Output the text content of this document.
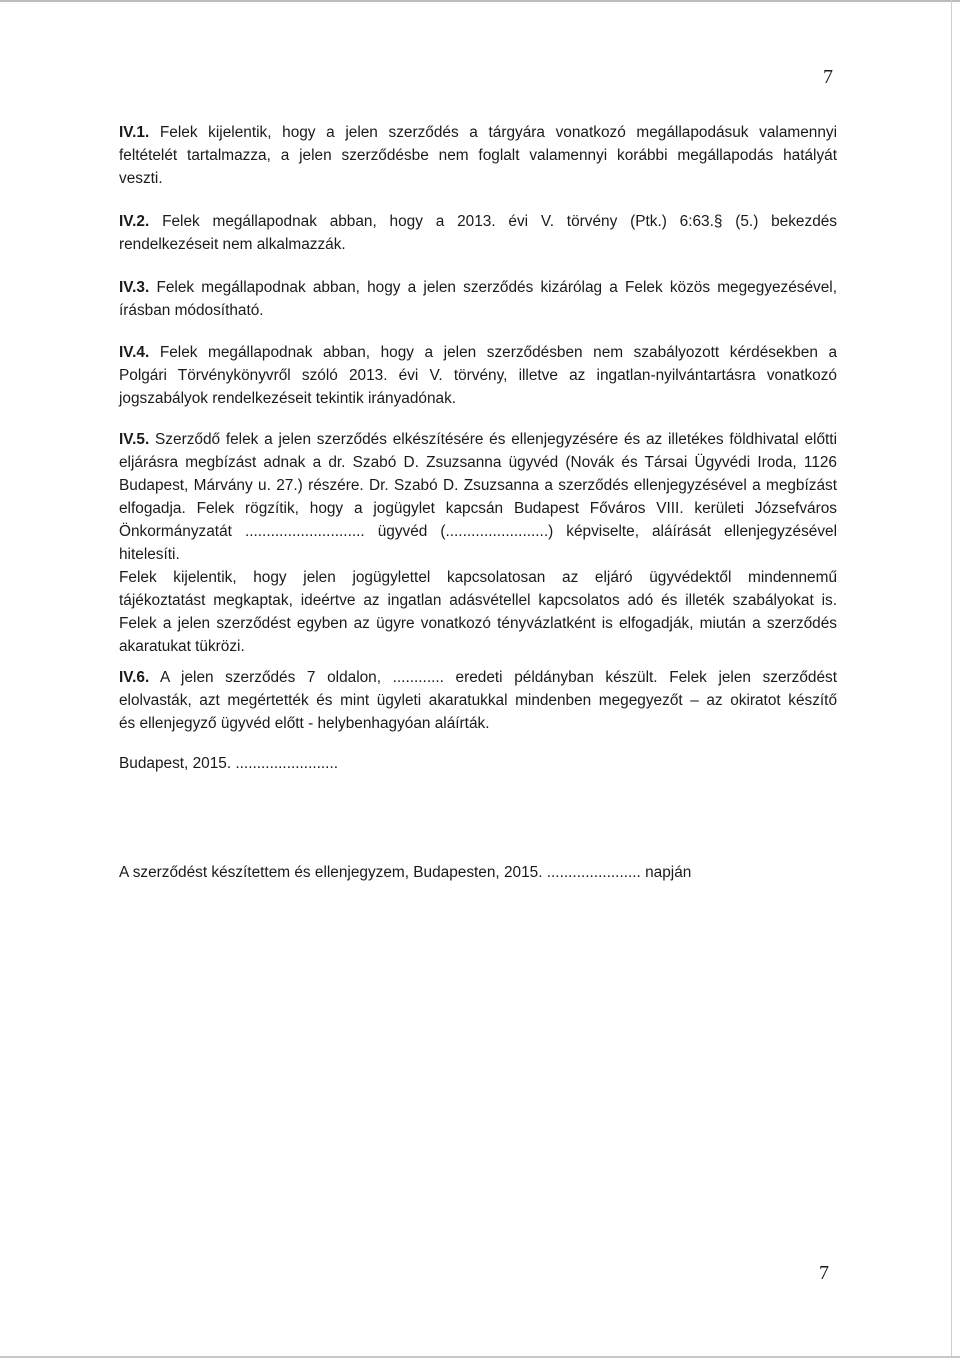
7
IV.1. Felek kijelentik, hogy a jelen szerződés a tárgyára vonatkozó megállapodásuk valamennyi
feltételét tartalmazza, a jelen szerződésbe nem foglalt valamennyi korábbi megállapodás hatályát
veszti.
IV.2. Felek megállapodnak abban, hogy a 2013. évi V. törvény (Ptk.) 6:63.§ (5.) bekezdés
rendelkezéseit nem alkalmazzák.
IV.3. Felek megállapodnak abban, hogy a jelen szerződés kizárólag a Felek közös megegyezésével,
írásban módosítható.
IV.4. Felek megállapodnak abban, hogy a jelen szerződésben nem szabályozott kérdésekben a
Polgári Törvénykönyvről szóló 2013. évi V. törvény, illetve az ingatlan-nyilvántartásra vonatkozó
jogszabályok rendelkezéseit tekintik irányadónak.
IV.5. Szerződő felek a jelen szerződés elkészítésére és ellenjegyzésére és az illetékes földhivatal előtti
eljárásra megbízást adnak a dr. Szabó D. Zsuzsanna ügyvéd (Novák és Társai Ügyvédi Iroda, 1126
Budapest, Márvány u. 27.) részére. Dr. Szabó D. Zsuzsanna a szerződés ellenjegyzésével a megbízást
elfogadja. Felek rögzítik, hogy a jogügylet kapcsán Budapest Főváros VIII. kerületi Józsefváros
Önkormányzatát ............................ ügyvéd (........................) képviselte, aláírását ellenjegyzésével
hitelesíti.
Felek kijelentik, hogy jelen jogügylettel kapcsolatosan az eljáró ügyvédektől mindennemű
tájékoztatást megkaptak, ideértve az ingatlan adásvétellel kapcsolatos adó és illeték szabályokat is.
Felek a jelen szerződést egyben az ügyre vonatkozó tényvázlatként is elfogadják, miután a szerződés
akaratukat tükrözi.
IV.6. A jelen szerződés 7 oldalon, ............ eredeti példányban készült. Felek jelen szerződést
elolvasták, azt megértették és mint ügyleti akaratukkal mindenben megegyezőt – az okiratot készítő
és ellenjegyző ügyvéd előtt - helybenhagyóan aláírták.
Budapest, 2015. ........................
A szerződést készítettem és ellenjegyzem, Budapesten, 2015. ...................... napján
7
